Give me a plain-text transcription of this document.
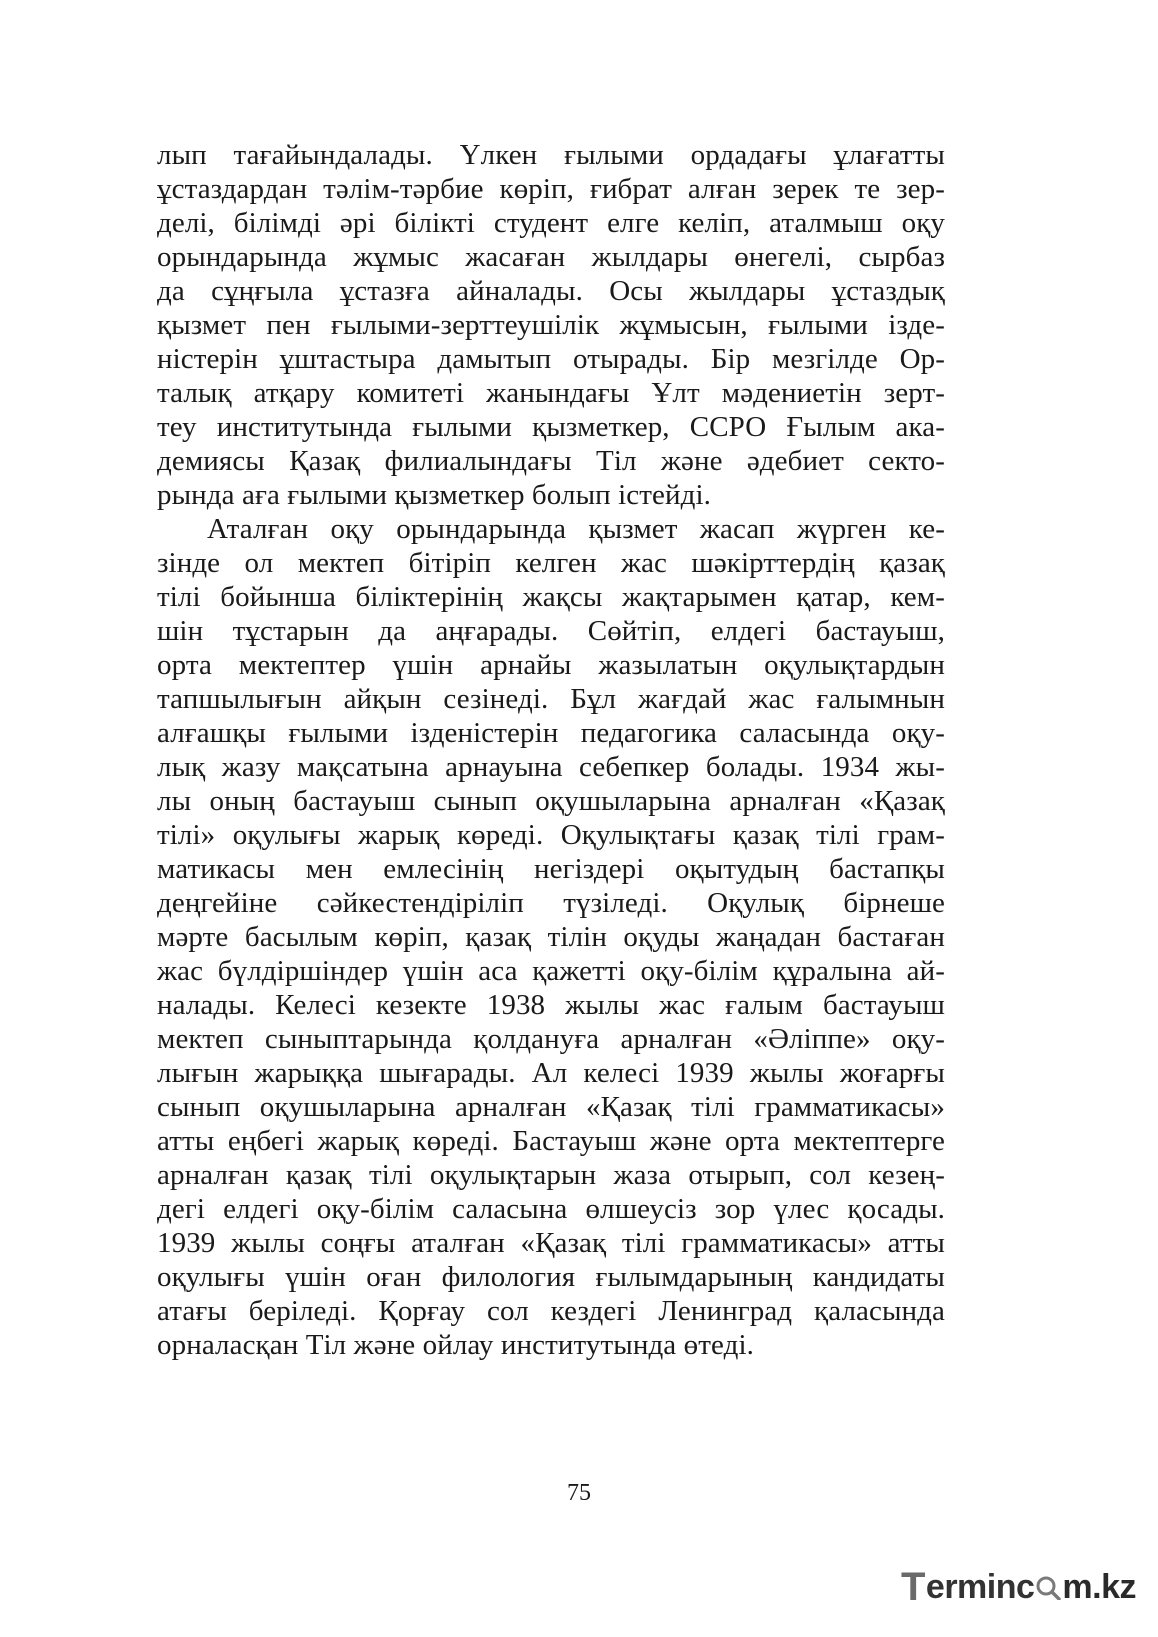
лып тағайындалады. Үлкен ғылыми ордадағы ұлағатты
ұстаздардан тәлім-тәрбие көріп, ғибрат алған зерек те зер-
делі, білімді әрі білікті студент елге келіп, аталмыш оқу
орындарында жұмыс жасаған жылдары өнегелі, сырбаз
да сұңғыла ұстазға айналады. Осы жылдары ұстаздық
қызмет пен ғылыми-зерттеушілік жұмысын, ғылыми ізде-
ністерін ұштастыра дамытып отырады. Бір мезгілде Ор-
талық атқару комитеті жанындағы Ұлт мәдениетін зерт-
теу институтында ғылыми қызметкер, ССРО Ғылым ака-
демиясы Қазақ филиалындағы Тіл және әдебиет секто-
рында аға ғылыми қызметкер болып істейді.
Аталған оқу орындарында қызмет жасап жүрген ке-
зінде ол мектеп бітіріп келген жас шәкірттердің қазақ
тілі бойынша біліктерінің жақсы жақтарымен қатар, кем-
шін тұстарын да аңғарады. Сөйтіп, елдегі бастауыш,
орта мектептер үшін арнайы жазылатын оқулықтардын
тапшылығын айқын сезінеді. Бұл жағдай жас ғалымнын
алғашқы ғылыми ізденістерін педагогика саласында оқу-
лық жазу мақсатына арнауына себепкер болады. 1934 жы-
лы оның бастауыш сынып оқушыларына арналған «Қазақ
тілі» оқулығы жарық көреді. Оқулықтағы қазақ тілі грам-
матикасы мен емлесінің негіздері оқытудың бастапқы
деңгейіне сәйкестендіріліп түзіледі. Оқулық бірнеше
мәрте басылым көріп, қазақ тілін оқуды жаңадан бастаған
жас бүлдіршіндер үшін аса қажетті оқу-білім құралына ай-
налады. Келесі кезекте 1938 жылы жас ғалым бастауыш
мектеп сыныптарында қолдануға арналған «Әліппе» оқу-
лығын жарыққа шығарады. Ал келесі 1939 жылы жоғарғы
сынып оқушыларына арналған «Қазақ тілі грамматикасы»
атты еңбегі жарық көреді. Бастауыш және орта мектептерге
арналған қазақ тілі оқулықтарын жаза отырып, сол кезең-
дегі елдегі оқу-білім саласына өлшеусіз зор үлес қосады.
1939 жылы соңғы аталған «Қазақ тілі грамматикасы» атты
оқулығы үшін оған филология ғылымдарының кандидаты
атағы беріледі. Қорғау сол кездегі Ленинград қаласында
орналасқан Тіл және ойлау институтында өтеді.
75
T erminc m.kz
